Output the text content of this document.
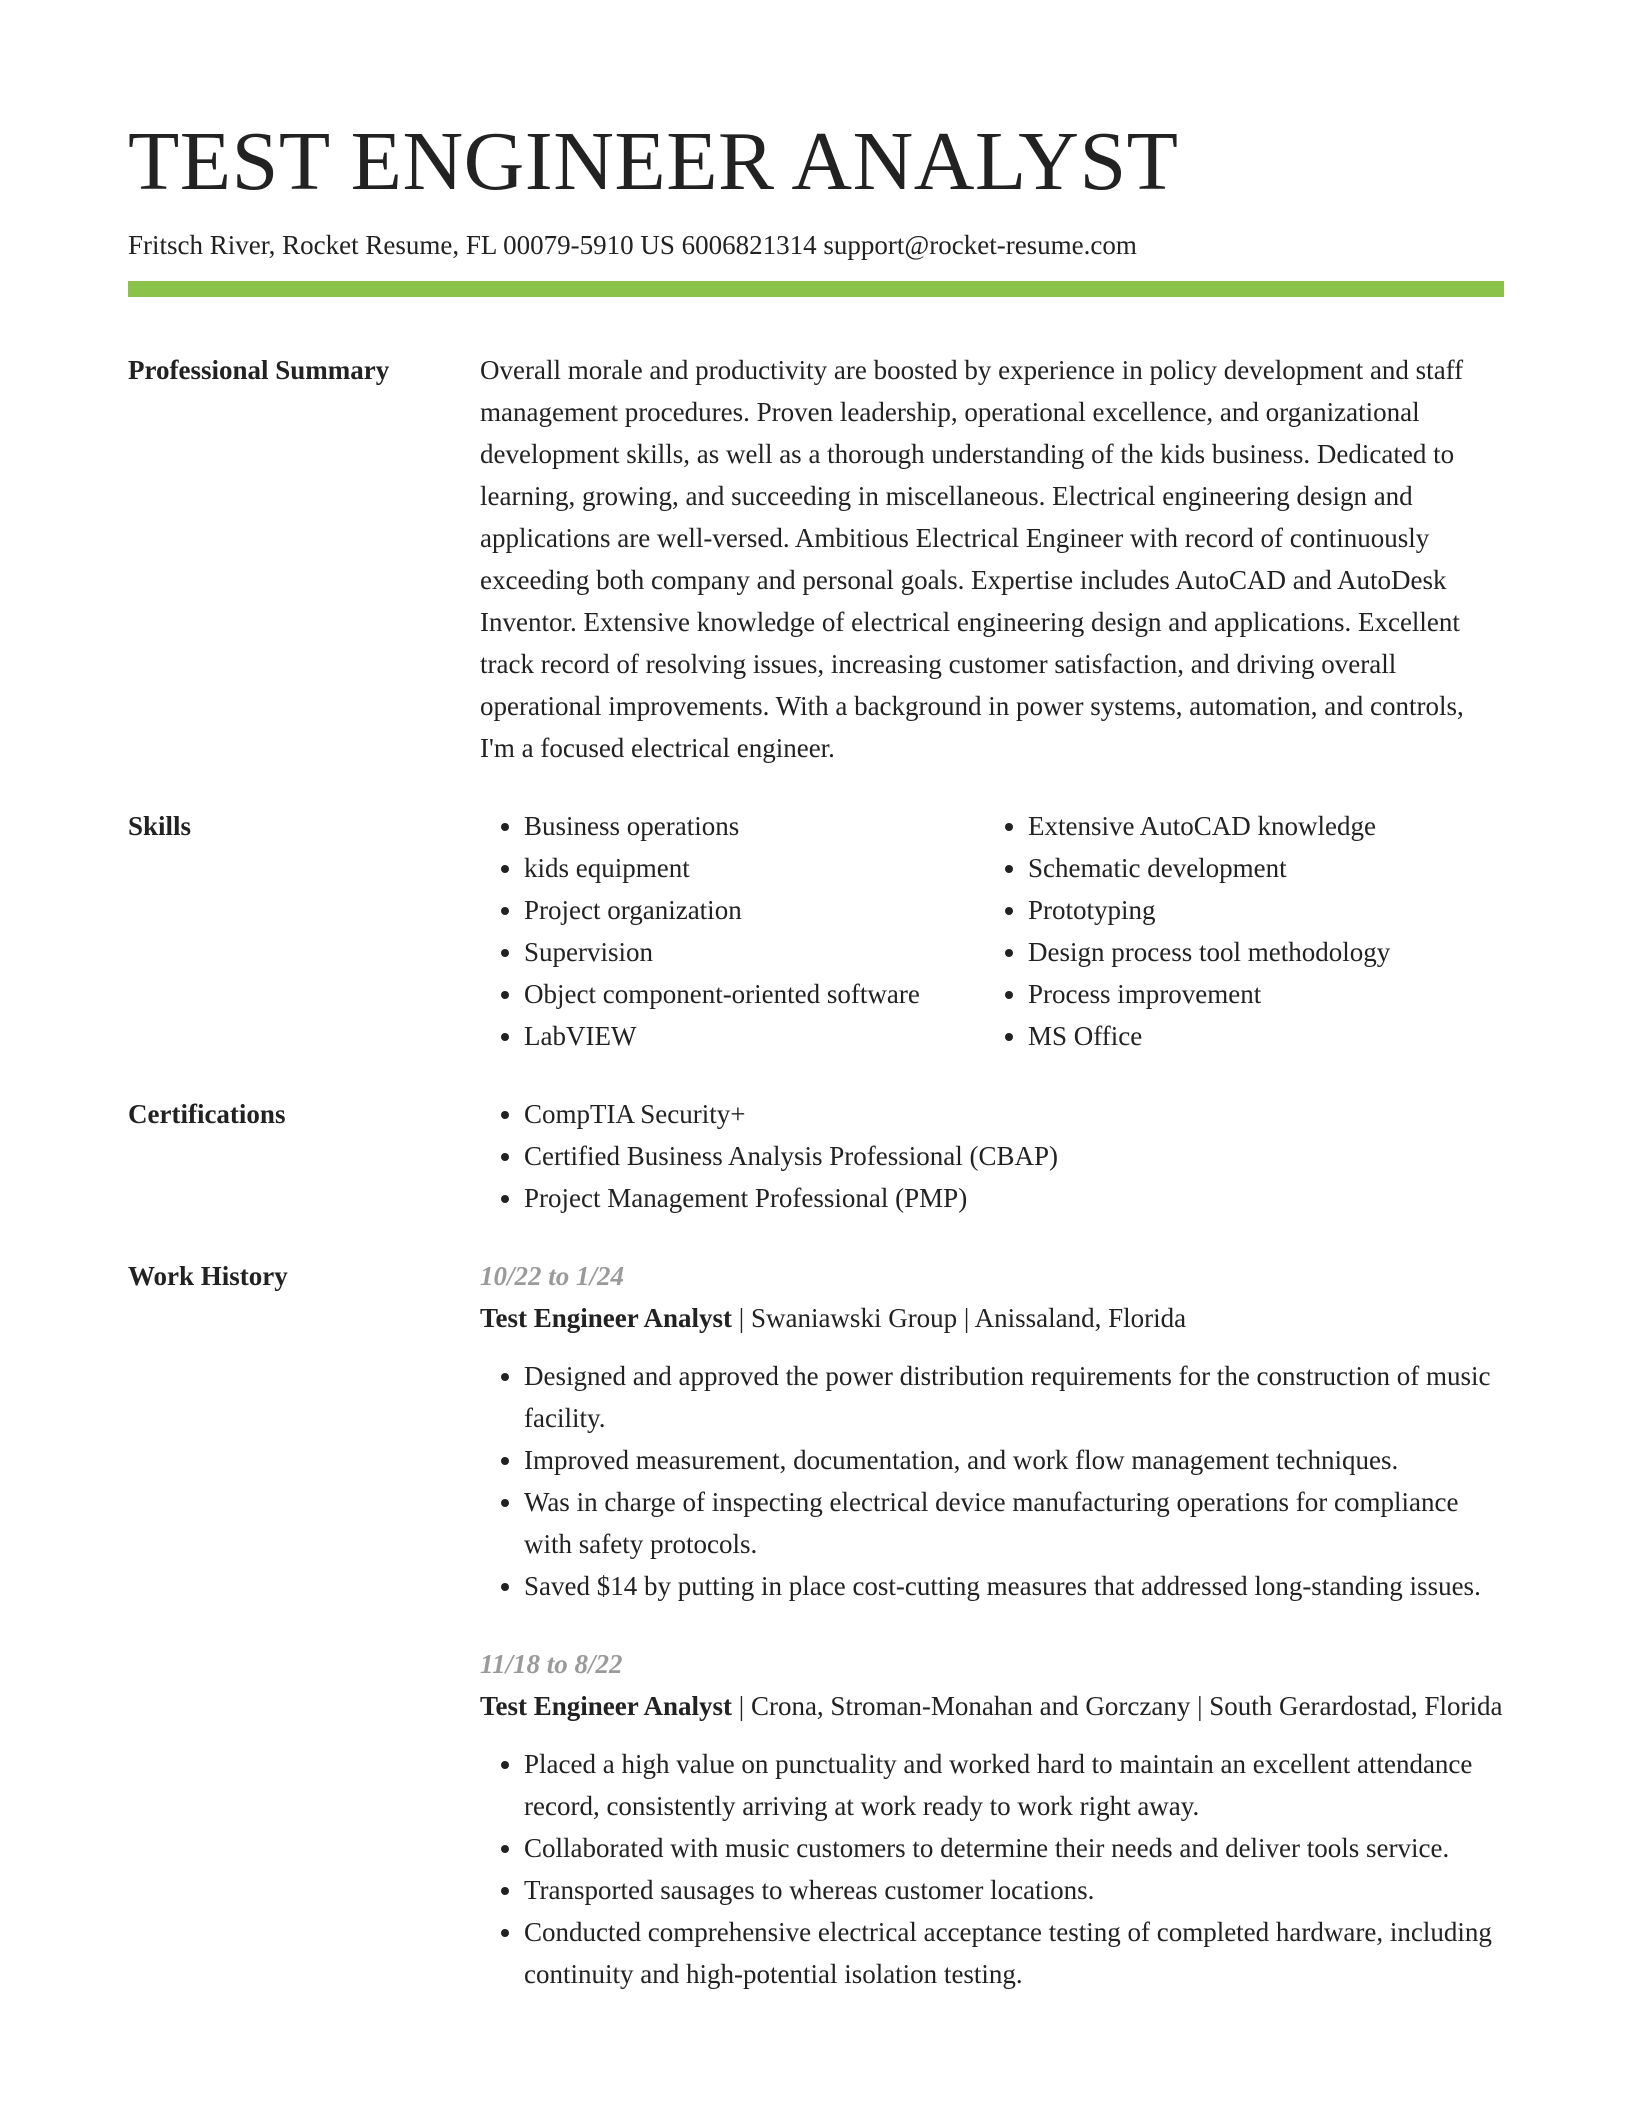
TEST ENGINEER ANALYST
Fritsch River, Rocket Resume, FL 00079-5910 US 6006821314 support@rocket-resume.com
Professional Summary	Overall morale and productivity are boosted by experience in policy development and staff management procedures. Proven leadership, operational excellence, and organizational development skills, as well as a thorough understanding of the kids business. Dedicated to learning, growing, and succeeding in miscellaneous. Electrical engineering design and applications are well-versed. Ambitious Electrical Engineer with record of continuously exceeding both company and personal goals. Expertise includes AutoCAD and AutoDesk Inventor. Extensive knowledge of electrical engineering design and applications. Excellent track record of resolving issues, increasing customer satisfaction, and driving overall operational improvements. With a background in power systems, automation, and controls, I'm a focused electrical engineer.

Skills	• Business operations
• kids equipment
• Project organization
• Supervision
• Object component-oriented software
• LabVIEW
• Extensive AutoCAD knowledge
• Schematic development
• Prototyping
• Design process tool methodology
• Process improvement
• MS Office
Certifications	• CompTIA Security+
• Certified Business Analysis Professional (CBAP)
• Project Management Professional (PMP)
Work History	10/22 to 1/24
Test Engineer Analyst | Swaniawski Group | Anissaland, Florida
• Designed and approved the power distribution requirements for the construction of music facility.
• Improved measurement, documentation, and work flow management techniques.
• Was in charge of inspecting electrical device manufacturing operations for compliance with safety protocols.
• Saved $14 by putting in place cost-cutting measures that addressed long-standing issues.
11/18 to 8/22
Test Engineer Analyst | Crona, Stroman-Monahan and Gorczany | South Gerardostad, Florida
• Placed a high value on punctuality and worked hard to maintain an excellent attendance record, consistently arriving at work ready to work right away.
• Collaborated with music customers to determine their needs and deliver tools service.
• Transported sausages to whereas customer locations.
• Conducted comprehensive electrical acceptance testing of completed hardware, including continuity and high-potential isolation testing.
